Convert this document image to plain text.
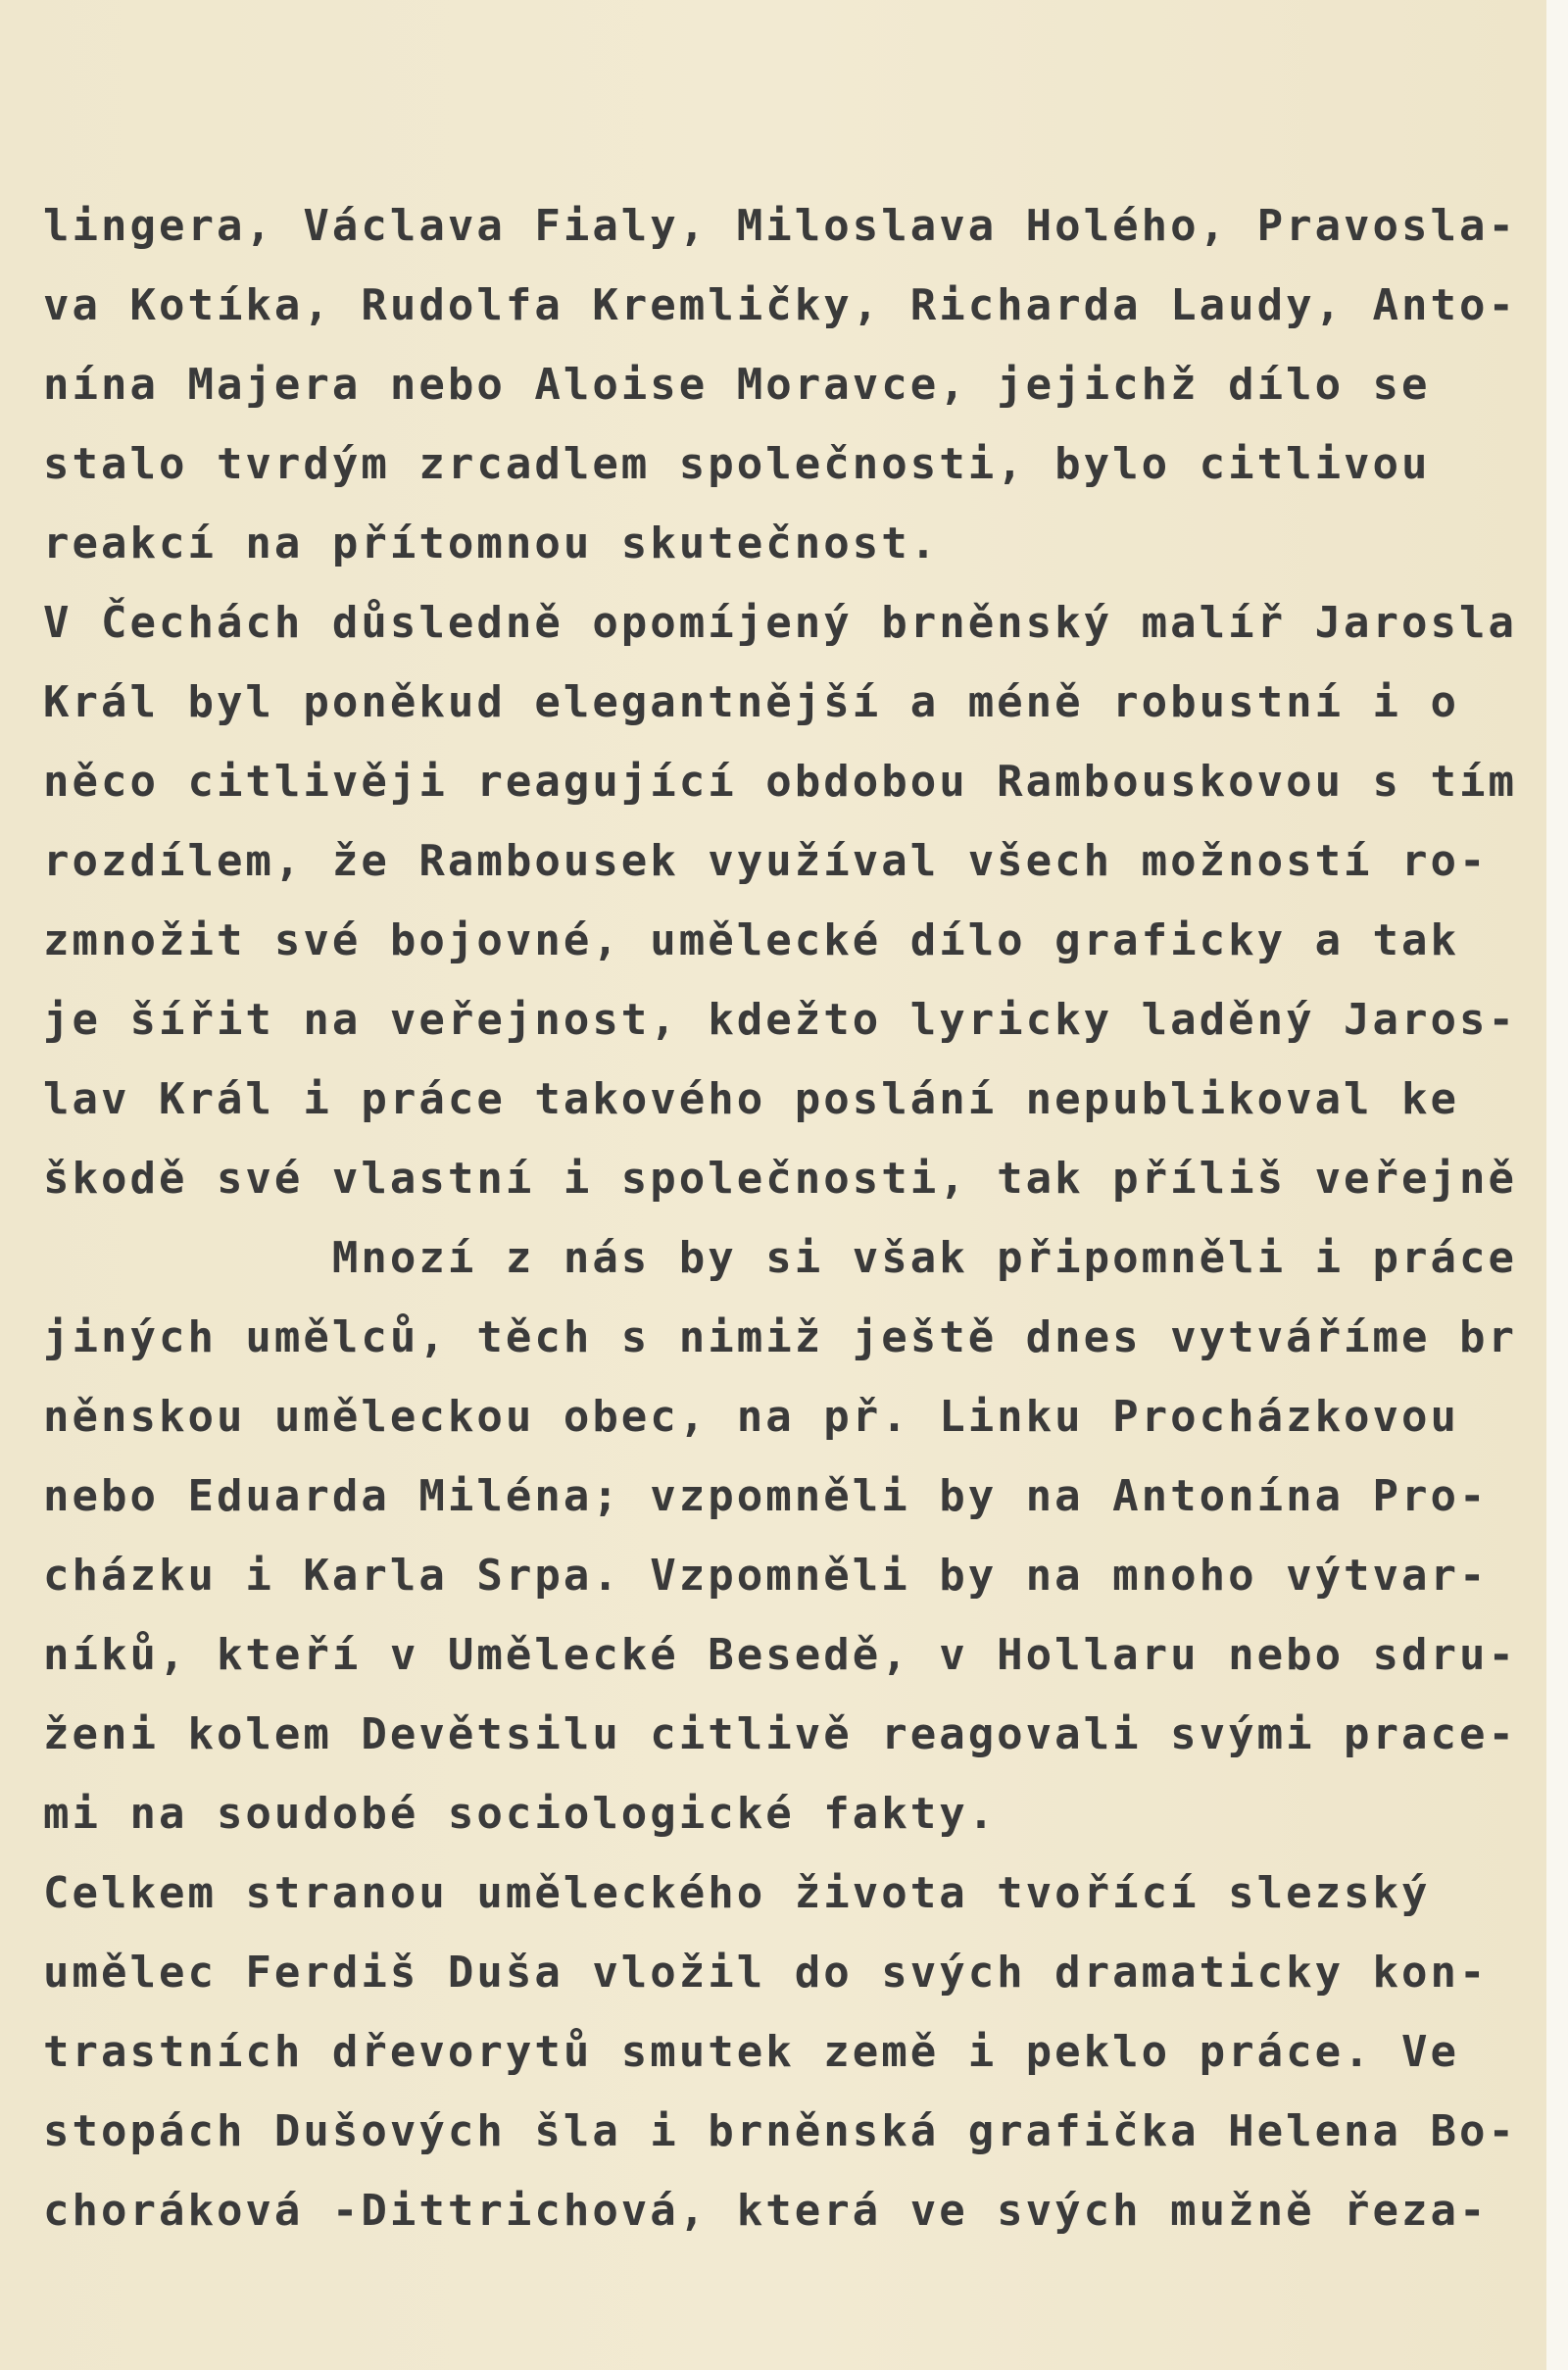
lingera, Václava Fialy, Miloslava Holého, Pravosla-
va Kotíka, Rudolfa Kremličky, Richarda Laudy, Anto-
nína Majera nebo Aloise Moravce, jejichž dílo se
stalo tvrdým zrcadlem společnosti, bylo citlivou
reakcí na přítomnou skutečnost.
V Čechách důsledně opomíjený brněnský malíř Jarosla
Král byl poněkud elegantnější a méně robustní i o
něco citlivěji reagující obdobou Rambouskovou s tím
rozdílem, že Rambousek využíval všech možností ro-
zmnožit své bojovné, umělecké dílo graficky a tak
je šířit na veřejnost, kdežto lyricky laděný Jaros-
lav Král i práce takového poslání nepublikoval ke
škodě své vlastní i společnosti, tak příliš veřejně
Mnozí z nás by si však připomněli i práce
jiných umělců, těch s nimiž ještě dnes vytváříme br
něnskou uměleckou obec, na př. Linku Procházkovou
nebo Eduarda Miléna; vzpomněli by na Antonína Pro-
cházku i Karla Srpa. Vzpomněli by na mnoho výtvar-
níků, kteří v Umělecké Besedě, v Hollaru nebo sdru-
ženi kolem Devětsilu citlivě reagovali svými prace-
mi na soudobé sociologické fakty.
Celkem stranou uměleckého života tvořící slezský
umělec Ferdiš Duša vložil do svých dramaticky kon-
trastních dřevorytů smutek země i peklo práce. Ve
stopách Dušových šla i brněnská grafička Helena Bo-
choráková -Dittrichová, která ve svých mužně řeza-
